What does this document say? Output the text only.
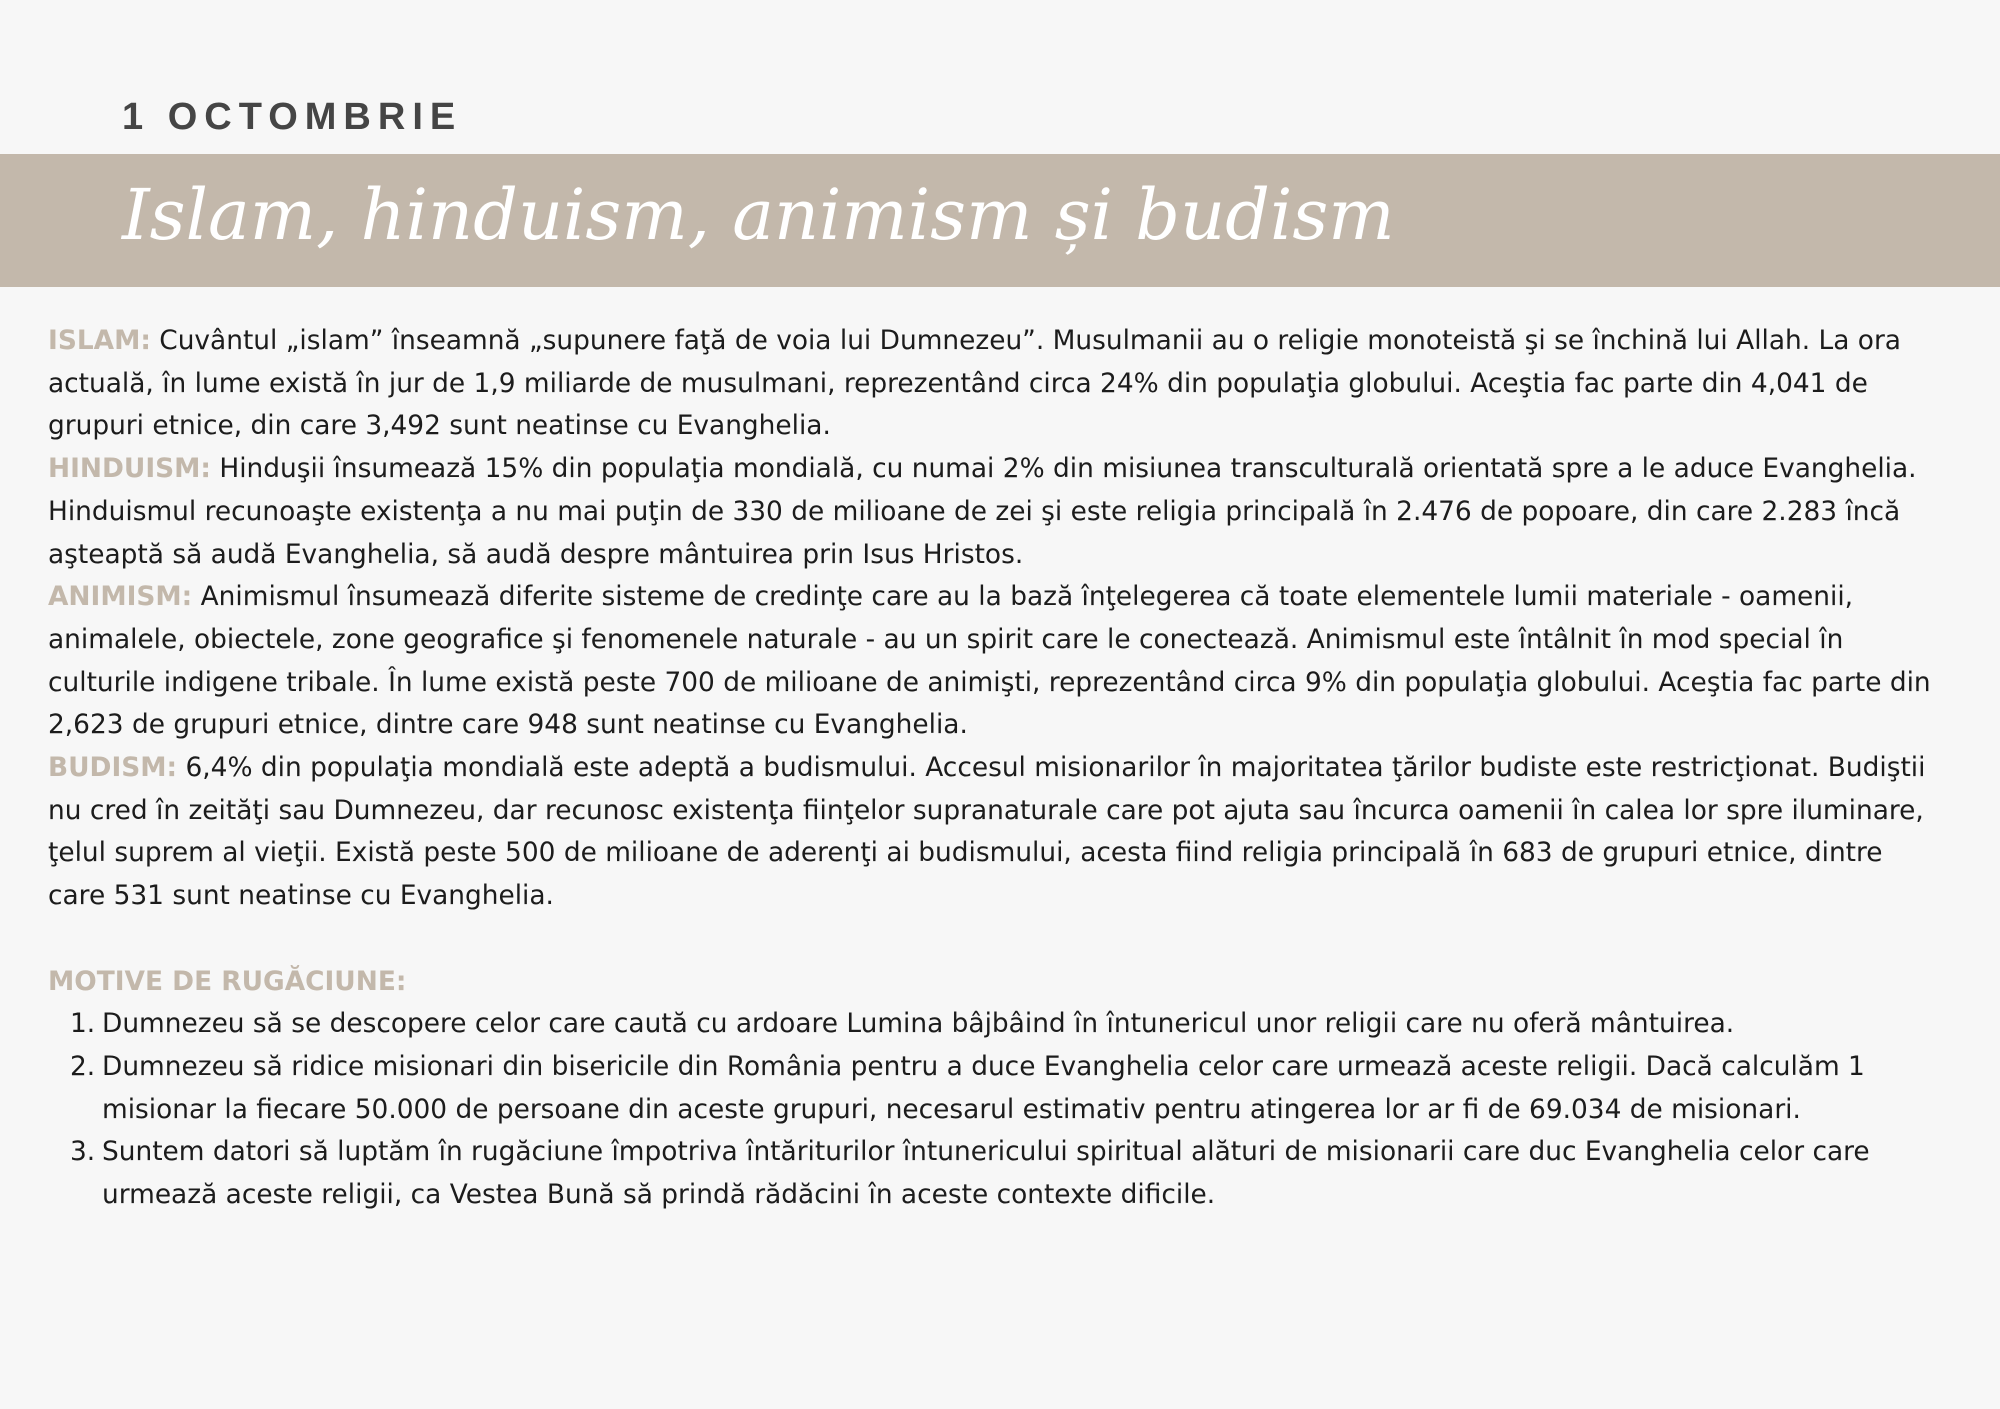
1 OCTOMBRIE
Islam, hinduism, animism și budism

ISLAM: Cuvântul „islam” înseamnă „supunere faţă de voia lui Dumnezeu”. Musulmanii au o religie monoteistă şi se închină lui Allah. La ora actuală, în lume există în jur de 1,9 miliarde de musulmani, reprezentând circa 24% din populaţia globului. Aceştia fac parte din 4,041 de grupuri etnice, din care 3,492 sunt neatinse cu Evanghelia.

HINDUISM: Hinduşii însumează 15% din populaţia mondială, cu numai 2% din misiunea transculturală orientată spre a le aduce Evanghelia. Hinduismul recunoaşte existenţa a nu mai puţin de 330 de milioane de zei şi este religia principală în 2.476 de popoare, din care 2.283 încă aşteaptă să audă Evanghelia, să audă despre mântuirea prin Isus Hristos.

ANIMISM: Animismul însumează diferite sisteme de credinţe care au la bază înţelegerea că toate elementele lumii materiale - oamenii, animalele, obiectele, zone geografice şi fenomenele naturale - au un spirit care le conectează. Animismul este întâlnit în mod special în culturile indigene tribale. În lume există peste 700 de milioane de animişti, reprezentând circa 9% din populaţia globului. Aceştia fac parte din 2,623 de grupuri etnice, dintre care 948 sunt neatinse cu Evanghelia.

BUDISM: 6,4% din populaţia mondială este adeptă a budismului. Accesul misionarilor în majoritatea ţărilor budiste este restricţionat. Budiştii nu cred în zeităţi sau Dumnezeu, dar recunosc existenţa fiinţelor supranaturale care pot ajuta sau încurca oamenii în calea lor spre iluminare, ţelul suprem al vieţii. Există peste 500 de milioane de aderenţi ai budismului, acesta fiind religia principală în 683 de grupuri etnice, dintre care 531 sunt neatinse cu Evanghelia.

MOTIVE DE RUGĂCIUNE:

1. Dumnezeu să se descopere celor care caută cu ardoare Lumina bâjbâind în întunericul unor religii care nu oferă mântuirea.
2. Dumnezeu să ridice misionari din bisericile din România pentru a duce Evanghelia celor care urmează aceste religii. Dacă calculăm 1 misionar la fiecare 50.000 de persoane din aceste grupuri, necesarul estimativ pentru atingerea lor ar fi de 69.034 de misionari.
3. Suntem datori să luptăm în rugăciune împotriva întăriturilor întunericului spiritual alături de misionarii care duc Evanghelia celor care urmează aceste religii, ca Vestea Bună să prindă rădăcini în aceste contexte dificile.
